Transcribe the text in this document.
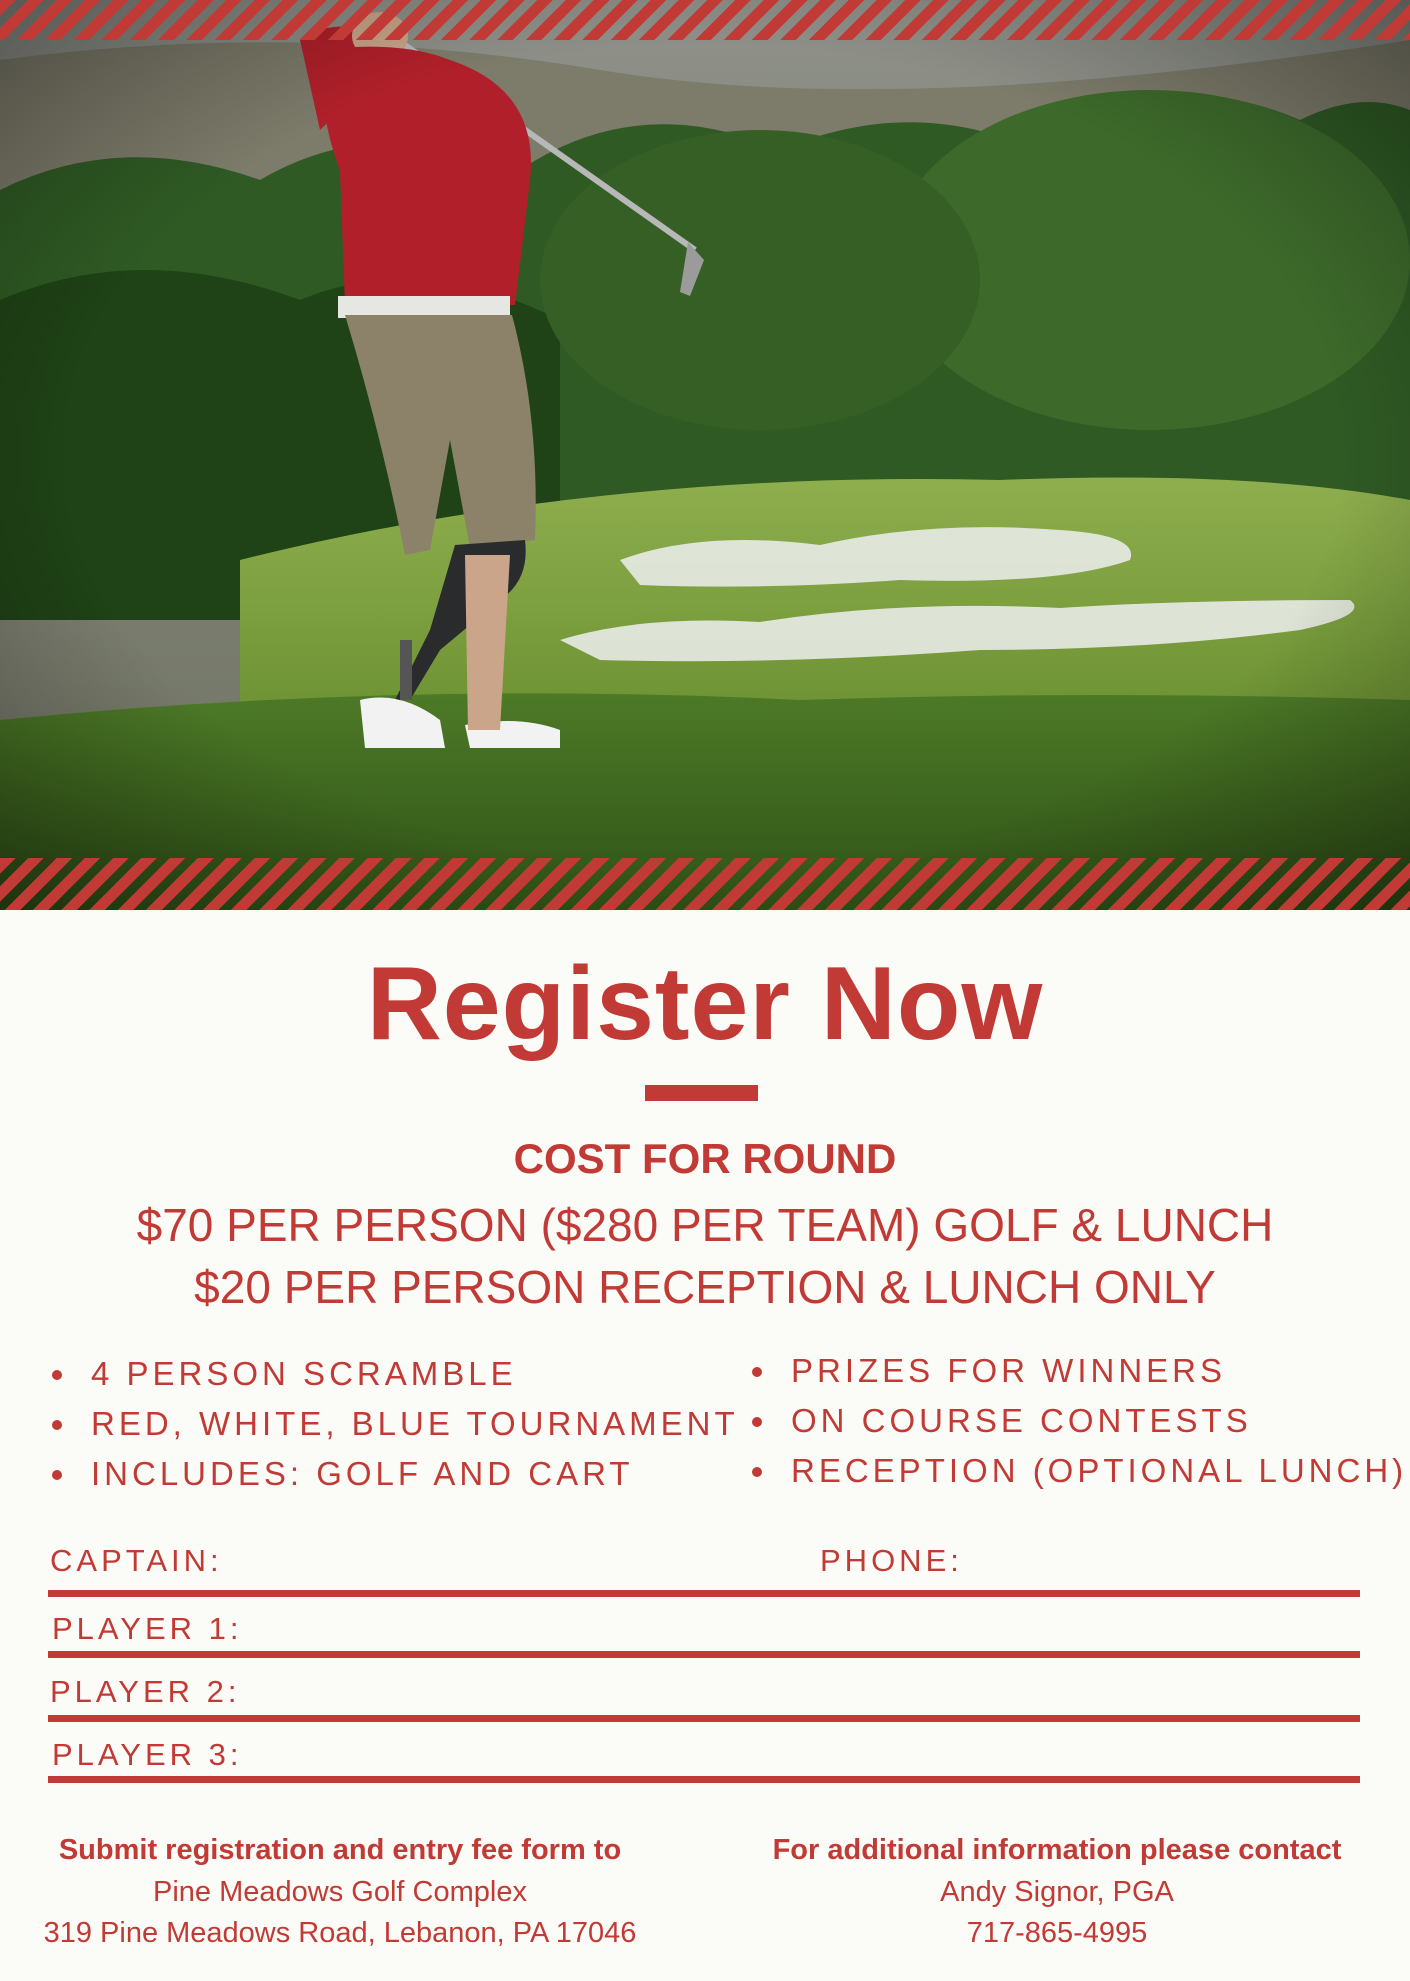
Register Now

COST FOR ROUND

$70 PER PERSON ($280 PER TEAM) GOLF & LUNCH

$20 PER PERSON RECEPTION & LUNCH ONLY

4 PERSON SCRAMBLE
RED, WHITE, BLUE TOURNAMENT
INCLUDES: GOLF AND CART
PRIZES FOR WINNERS
ON COURSE CONTESTS
RECEPTION (OPTIONAL LUNCH)
CAPTAIN:	PHONE:
PLAYER 1:
PLAYER 2:
PLAYER 3:
Submit registration and entry fee form to
Pine Meadows Golf Complex
319 Pine Meadows Road, Lebanon, PA 17046
For additional information please contact
Andy Signor, PGA
717-865-4995
